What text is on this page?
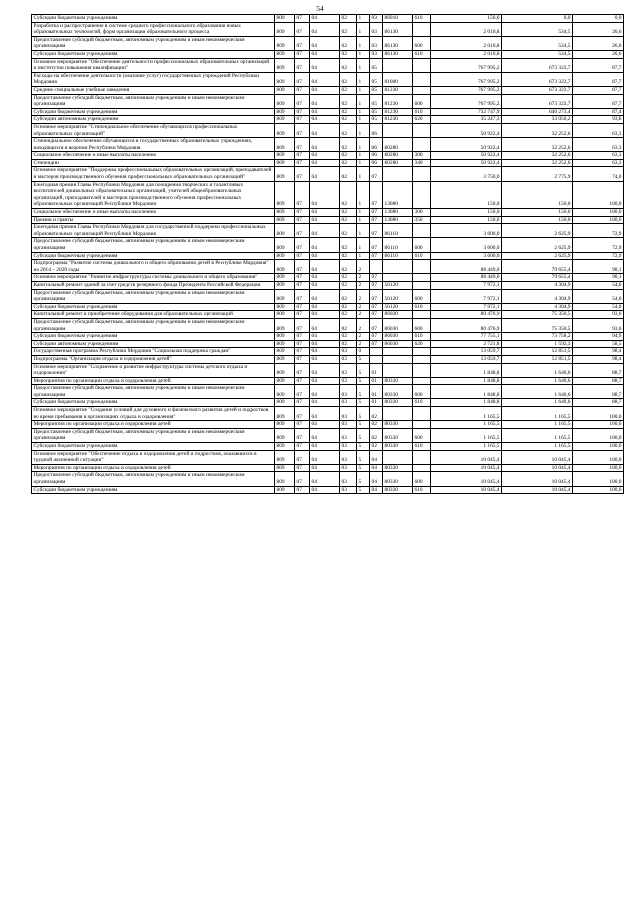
54
Субсидии бюджетным учреждениям	809	07	04	02	1	03	86010	610	156,0	0,0	0,0
Разработка и распространение в системе среднего профессионального образования новых образовательных технологий, форм организации образовательного процесса	809	07	04	02	1	03	86130		2 010,8	534,5	26,6
Предоставление субсидий бюджетным, автономным учреждениям и иным некоммерческим организациям	809	07	04	02	1	03	86130	600	2 010,8	534,5	26,6
Субсидии бюджетным учреждениям	809	07	04	02	1	03	86130	610	2 010,8	534,5	26,6
Основное мероприятие "Обеспечение деятельности профессиональных образовательных организаций и институтов повышения квалификации"	809	07	04	02	1	05			767 995,2	673 323,7	87,7
Расходы на обеспечение деятельности (оказание услуг) государственных учреждений Республики Мордовия	809	07	04	02	1	05	81000		767 995,2	673 323,7	87,7
Средние специальные учебные заведения	809	07	04	02	1	05	81230		767 995,2	673 323,7	87,7
Предоставление субсидий бюджетным, автономным учреждениям и иным некоммерческим организациям	809	07	04	02	1	05	81230	600	767 995,2	673 323,7	87,7
Субсидии бюджетным учреждениям	809	07	04	02	1	05	81230	610	732 747,9	640 273,4	87,4
Субсидии автономным учреждениям	809	07	04	02	1	05	81230	620	35 247,3	33 050,2	93,8
Основное мероприятие "Стипендиальное обеспечение обучающихся профессиональных образовательных организаций"	809	07	04	02	1	06			50 922,4	32 252,6	63,3
Стипендиальное обеспечение обучающихся в государственных образовательных учреждениях, находящихся в ведении Республики Мордовия	809	07	04	02	1	06	80280		50 922,4	32 252,6	63,3
Социальное обеспечение и иные выплаты населению	809	07	04	02	1	06	80280	300	50 922,4	32 252,6	63,3
Стипендии	809	07	04	02	1	06	80280	340	50 922,4	32 252,6	63,3
Основное мероприятие "Поддержка профессиональных образовательных организаций, преподавателей и мастеров производственного обучения профессиональных образовательных организаций"	809	07	04	02	1	07			3 750,0	2 775,9	74,0
Ежегодная премия Главы Республики Мордовия для поощрения творческих и талантливых воспитателей дошкольных образовательных организаций, учителей общеобразовательных организаций, преподавателей и мастеров производственного обучения профессиональных образовательных организаций Республики Мордовия	809	07	04	02	1	07	13080		150,0	150,0	100,0
Социальное обеспечение и иные выплаты населению	809	07	04	02	1	07	13080	300	150,0	150,0	100,0
Премии и гранты	809	07	04	02	1	07	13080	350	150,0	150,0	100,0
Ежегодная премия Главы Республики Мордовия для государственной поддержки профессиональных образовательных организаций Республики Мордовия	809	07	04	02	1	07	86110		3 600,0	2 625,9	72,9
Предоставление субсидий бюджетным, автономным учреждениям и иным некоммерческим организациям	809	07	04	02	1	07	86110	600	3 600,0	2 625,9	72,9
Субсидии бюджетным учреждениям	809	07	04	02	1	07	86110	610	3 600,0	2 625,9	72,9
Подпрограмма "Развитие системы дошкольного и общего образования детей в Республике Мордовия" на 2014 – 2020 годы	809	07	04	02	2				88 449,0	79 655,4	90,1
Основное мероприятие "Развитие инфраструктуры системы дошкольного и общего образования"	809	07	04	02	2	07			88 449,0	79 655,4	90,1
Капитальный ремонт зданий за счет средств резервного фонда Президента Российской Федерации	809	07	04	02	2	07	56120		7 972,1	4 304,9	54,0
Предоставление субсидий бюджетным, автономным учреждениям и иным некоммерческим организациям	809	07	04	02	2	07	56120	600	7 972,1	4 304,9	54,0
Субсидии бюджетным учреждениям	809	07	04	02	2	07	56120	610	7 972,1	4 304,9	54,0
Капитальный ремонт и приобретение оборудования для образовательных организаций	809	07	04	02	2	07	86030		80 476,9	75 350,5	93,6
Предоставление субсидий бюджетным, автономным учреждениям и иным некоммерческим организациям	809	07	04	02	2	07	86030	600	80 476,9	75 350,5	93,6
Субсидии бюджетным учреждениям	809	07	04	02	2	07	86030	610	77 755,1	73 758,2	94,9
Субсидии автономным учреждениям	809	07	04	02	2	07	86030	620	2 721,8	1 592,3	58,5
Государственная программа Республики Мордовия "Социальная поддержка граждан"	809	07	04	03	0				13 059,7	12 851,5	98,4
Подпрограмма "Организация отдыха и оздоровления детей"	809	07	04	03	5				13 059,7	12 851,5	98,4
Основное мероприятие "Сохранение и развитие инфраструктуры системы детского отдыха и оздоровления"	809	07	04	03	5	01			1 848,8	1 640,6	88,7
Мероприятия по организации отдыха и оздоровления детей	809	07	04	03	5	01	80330		1 848,8	1 640,6	88,7
Предоставление субсидий бюджетным, автономным учреждениям и иным некоммерческим организациям	809	07	04	03	5	01	80330	600	1 848,8	1 640,6	88,7
Субсидии бюджетным учреждениям	809	07	04	03	5	01	80330	610	1 848,8	1 640,6	88,7
Основное мероприятие "Создание условий для духовного и физического развития детей и подростков во время пребывания в организациях отдыха и оздоровления"	809	07	04	03	5	02			1 165,5	1 165,5	100,0
Мероприятия по организации отдыха и оздоровления детей	809	07	04	03	5	02	80330		1 165,5	1 165,5	100,0
Предоставление субсидий бюджетным, автономным учреждениям и иным некоммерческим организациям	809	07	04	03	5	02	80330	600	1 165,5	1 165,5	100,0
Субсидии бюджетным учреждениям	809	07	04	03	5	02	80330	610	1 165,5	1 165,5	100,0
Основное мероприятие "Обеспечение отдыха и оздоровления детей и подростков, оказавшихся в трудной жизненной ситуации"	809	07	04	03	5	04			10 045,4	10 045,4	100,0
Мероприятия по организации отдыха и оздоровления детей	809	07	04	03	5	04	80330		10 045,4	10 045,4	100,0
Предоставление субсидий бюджетным, автономным учреждениям и иным некоммерческим организациям	809	07	04	03	5	04	80330	600	10 045,4	10 045,4	100,0
Субсидии бюджетным учреждениям	809	07	04	03	5	04	80330	610	10 045,4	10 045,4	100,0
